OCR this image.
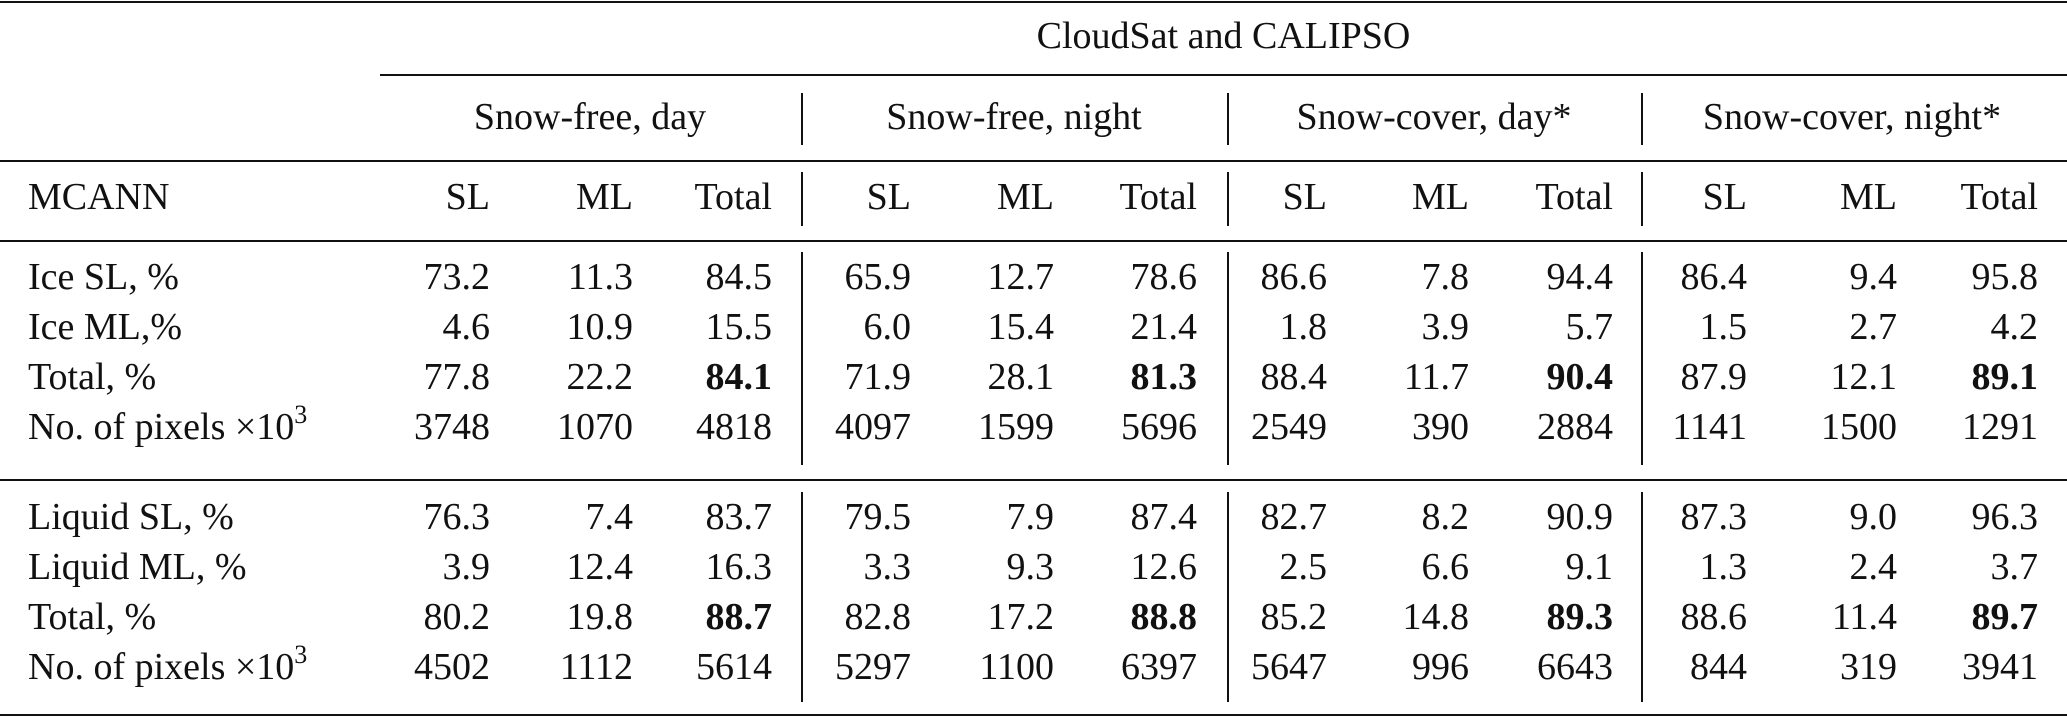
CloudSat and CALIPSO
Snow-free, day	Snow-free, night	Snow-cover, day*	Snow-cover, night*
MCANN	SL	ML	Total	SL	ML	Total	SL	ML	Total	SL	ML	Total
Ice SL, %	73.2	11.3	84.5	65.9	12.7	78.6	86.6	7.8	94.4	86.4	9.4	95.8
Ice ML,%	4.6	10.9	15.5	6.0	15.4	21.4	1.8	3.9	5.7	1.5	2.7	4.2
Total, %	77.8	22.2	84.1	71.9	28.1	81.3	88.4	11.7	90.4	87.9	12.1	89.1
No. of pixels $\times 10^3$	3748	1070	4818	4097	1599	5696	2549	390	2884	1141	1500	1291
Liquid SL, %	76.3	7.4	83.7	79.5	7.9	87.4	82.7	8.2	90.9	87.3	9.0	96.3
Liquid ML, %	3.9	12.4	16.3	3.3	9.3	12.6	2.5	6.6	9.1	1.3	2.4	3.7
Total, %	80.2	19.8	88.7	82.8	17.2	88.8	85.2	14.8	89.3	88.6	11.4	89.7
No. of pixels $\times 10^3$	4502	1112	5614	5297	1100	6397	5647	996	6643	844	319	3941
